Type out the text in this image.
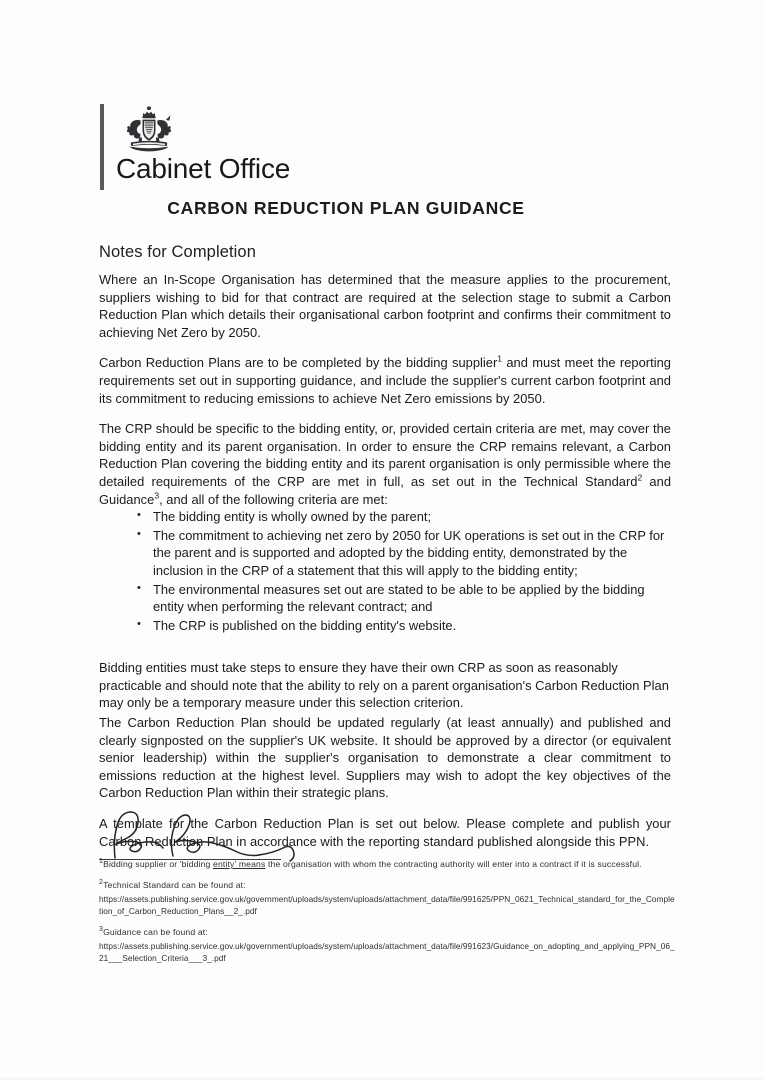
Cabinet Office
CARBON REDUCTION PLAN GUIDANCE
Notes for Completion

Where an In-Scope Organisation has determined that the measure applies to the procurement, suppliers wishing to bid for that contract are required at the selection stage to submit a Carbon Reduction Plan which details their organisational carbon footprint and confirms their commitment to achieving Net Zero by 2050.

Carbon Reduction Plans are to be completed by the bidding supplier$^1$ and must meet the reporting requirements set out in supporting guidance, and include the supplier's current carbon footprint and its commitment to reducing emissions to achieve Net Zero emissions by 2050.

The CRP should be specific to the bidding entity, or, provided certain criteria are met, may cover the bidding entity and its parent organisation. In order to ensure the CRP remains relevant, a Carbon Reduction Plan covering the bidding entity and its parent organisation is only permissible where the detailed requirements of the CRP are met in full, as set out in the Technical Standard$^2$ and Guidance$^3$, and all of the following criteria are met:

• The bidding entity is wholly owned by the parent;
• The commitment to achieving net zero by 2050 for UK operations is set out in the CRP for the parent and is supported and adopted by the bidding entity, demonstrated by the inclusion in the CRP of a statement that this will apply to the bidding entity;
• The environmental measures set out are stated to be able to be applied by the bidding entity when performing the relevant contract; and
• The CRP is published on the bidding entity's website.

Bidding entities must take steps to ensure they have their own CRP as soon as reasonably practicable and should note that the ability to rely on a parent organisation's Carbon Reduction Plan may only be a temporary measure under this selection criterion.

The Carbon Reduction Plan should be updated regularly (at least annually) and published and clearly signposted on the supplier's UK website. It should be approved by a director (or equivalent senior leadership) within the supplier's organisation to demonstrate a clear commitment to emissions reduction at the highest level. Suppliers may wish to adopt the key objectives of the Carbon Reduction Plan within their strategic plans.

A template for the Carbon Reduction Plan is set out below. Please complete and publish your Carbon Reduction Plan in accordance with the reporting standard published alongside this PPN.

$^1$Bidding supplier or 'bidding entity' means the organisation with whom the contracting authority will enter into a contract if it is successful.
$^2$Technical Standard can be found at:
https://assets.publishing.service.gov.uk/government/uploads/system/uploads/attachment_data/file/991625/PPN_0621_Technical_standard_for_the_Completion_of_Carbon_Reduction_Plans__2_.pdf
$^3$Guidance can be found at:
https://assets.publishing.service.gov.uk/government/uploads/system/uploads/attachment_data/file/991623/Guidance_on_adopting_and_applying_PPN_06_21___Selection_Criteria___3_.pdf
